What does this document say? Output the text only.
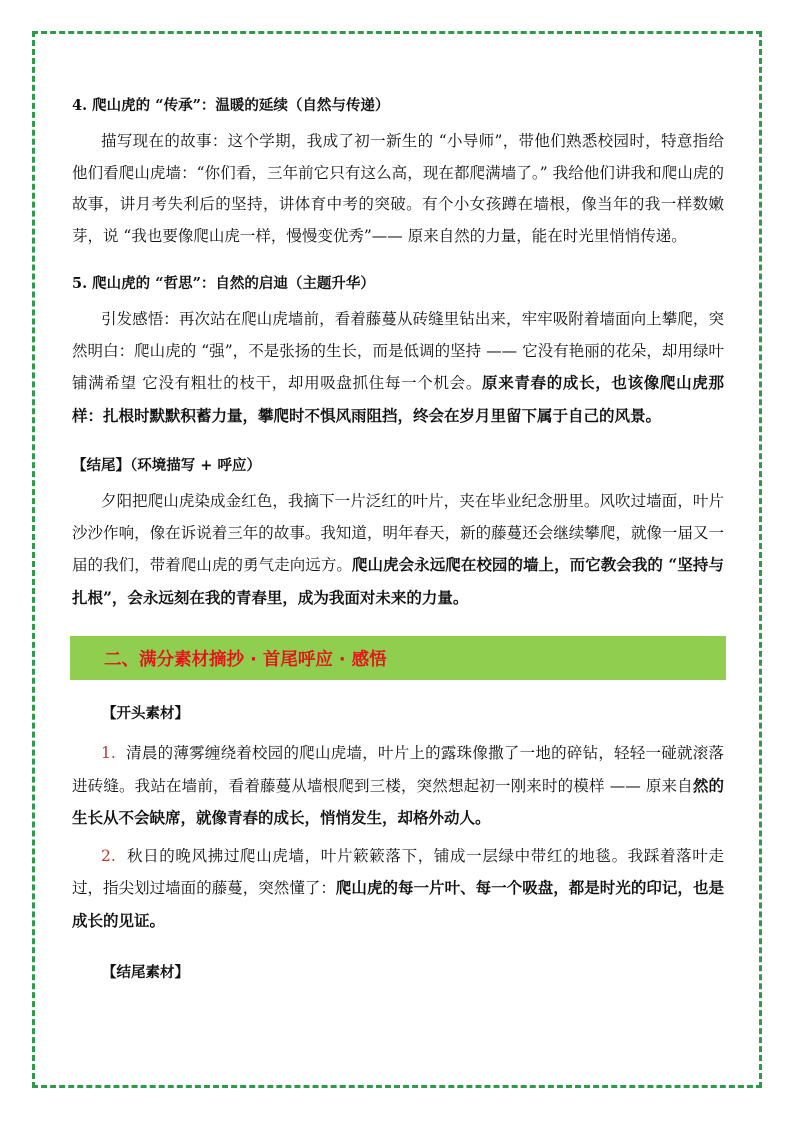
4. 爬山虎的 “传承”：温暖的延续（自然与传递）

描写现在的故事：这个学期，我成了初一新生的 “小导师”，带他们熟悉校园时，特意指给他们看爬山虎墙：“你们看，三年前它只有这么高，现在都爬满墙了。” 我给他们讲我和爬山虎的故事，讲月考失利后的坚持，讲体育中考的突破。有个小女孩蹲在墙根，像当年的我一样数嫩芽，说 “我也要像爬山虎一样，慢慢变优秀”—— 原来自然的力量，能在时光里悄悄传递。

5. 爬山虎的 “哲思”：自然的启迪（主题升华）

引发感悟：再次站在爬山虎墙前，看着藤蔓从砖缝里钻出来，牢牢吸附着墙面向上攀爬，突然明白：爬山虎的 “强”，不是张扬的生长，而是低调的坚持 —— 它没有艳丽的花朵，却用绿叶铺满希望 它没有粗壮的枝干，却用吸盘抓住每一个机会。原来青春的成长，也该像爬山虎那样：扎根时默默积蓄力量，攀爬时不惧风雨阻挡，终会在岁月里留下属于自己的风景。

【结尾】（环境描写 + 呼应）

夕阳把爬山虎染成金红色，我摘下一片泛红的叶片，夹在毕业纪念册里。风吹过墙面，叶片沙沙作响，像在诉说着三年的故事。我知道，明年春天，新的藤蔓还会继续攀爬，就像一届又一届的我们，带着爬山虎的勇气走向远方。爬山虎会永远爬在校园的墙上，而它教会我的 “坚持与扎根”，会永远刻在我的青春里，成为我面对未来的力量。

二、满分素材摘抄 · 首尾呼应 · 感悟

【开头素材】

1. 清晨的薄雾缠绕着校园的爬山虎墙，叶片上的露珠像撒了一地的碎钻，轻轻一碰就滚落进砖缝。我站在墙前，看着藤蔓从墙根爬到三楼，突然想起初一刚来时的模样 —— 原来自然的生长从不会缺席，就像青春的成长，悄悄发生，却格外动人。

2. 秋日的晚风拂过爬山虎墙，叶片簌簌落下，铺成一层绿中带红的地毯。我踩着落叶走过，指尖划过墙面的藤蔓，突然懂了：爬山虎的每一片叶、每一个吸盘，都是时光的印记，也是成长的见证。

【结尾素材】
